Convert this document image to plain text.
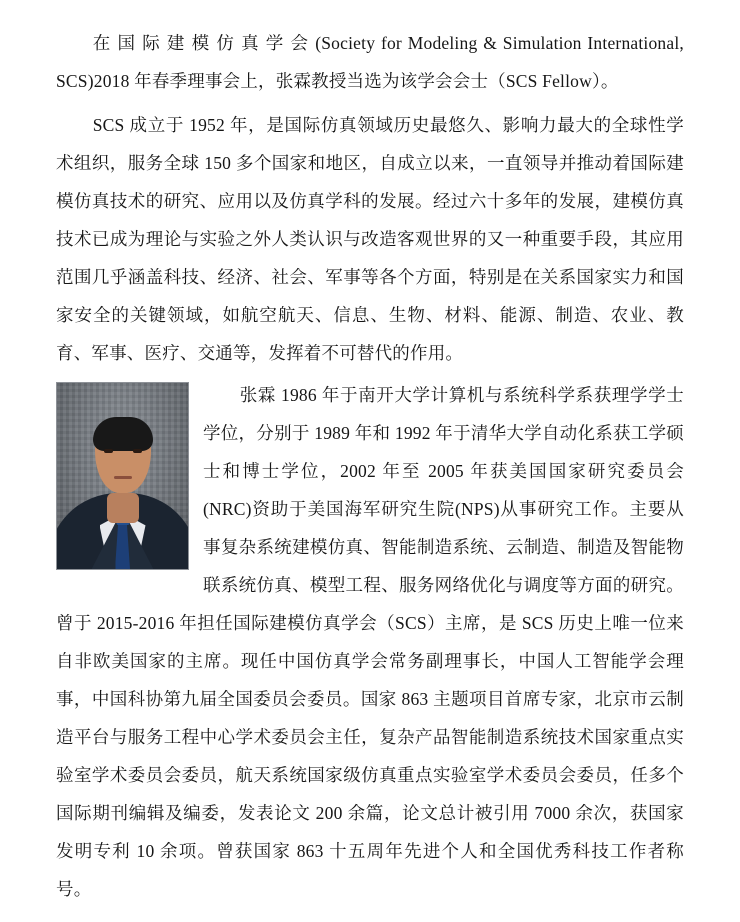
在 国 际 建 模 仿 真 学 会 (Society for Modeling & Simulation International, SCS)2018 年春季理事会上，张霖教授当选为该学会会士（SCS Fellow）。

SCS 成立于 1952 年，是国际仿真领域历史最悠久、影响力最大的全球性学术组织，服务全球 150 多个国家和地区，自成立以来，一直领导并推动着国际建模仿真技术的研究、应用以及仿真学科的发展。经过六十多年的发展，建模仿真技术已成为理论与实验之外人类认识与改造客观世界的又一种重要手段，其应用范围几乎涵盖科技、经济、社会、军事等各个方面，特别是在关系国家实力和国家安全的关键领域，如航空航天、信息、生物、材料、能源、制造、农业、教育、军事、医疗、交通等，发挥着不可替代的作用。

张霖 1986 年于南开大学计算机与系统科学系获理学学士学位，分别于 1989 年和 1992 年于清华大学自动化系获工学硕士和博士学位，2002 年至 2005 年获美国国家研究委员会(NRC)资助于美国海军研究生院(NPS)从事研究工作。主要从事复杂系统建模仿真、智能制造系统、云制造、制造及智能物联系统仿真、模型工程、服务网络优化与调度等方面的研究。曾于 2015-2016 年担任国际建模仿真学会（SCS）主席，是 SCS 历史上唯一位来自非欧美国家的主席。现任中国仿真学会常务副理事长，中国人工智能学会理事，中国科协第九届全国委员会委员。国家 863 主题项目首席专家，北京市云制造平台与服务工程中心学术委员会主任，复杂产品智能制造系统技术国家重点实验室学术委员会委员，航天系统国家级仿真重点实验室学术委员会委员，任多个国际期刊编辑及编委，发表论文 200 余篇，论文总计被引用 7000 余次，获国家发明专利 10 余项。曾获国家 863 十五周年先进个人和全国优秀科技工作者称号。
